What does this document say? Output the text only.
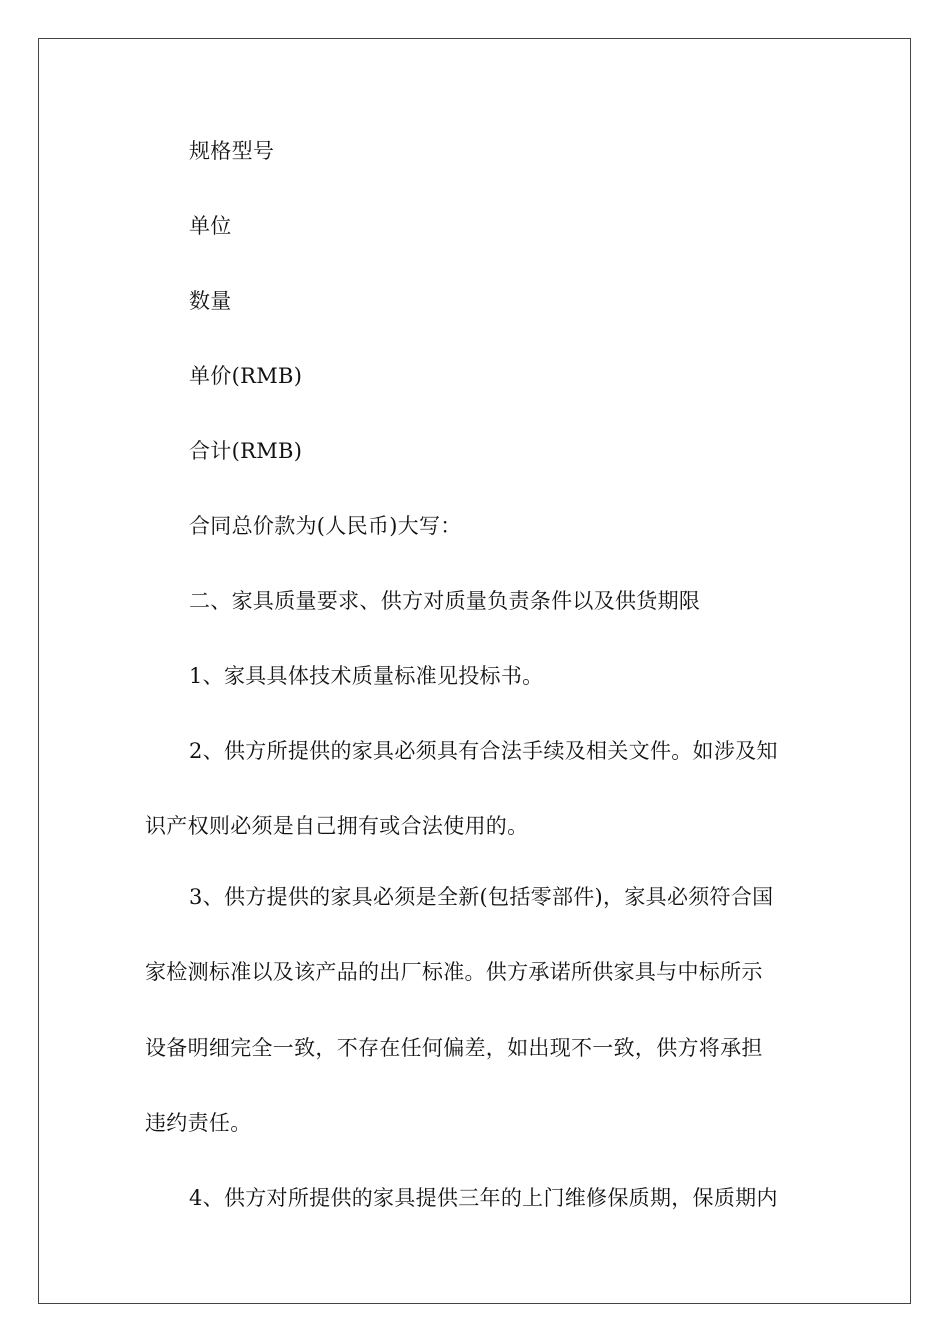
规格型号
单位
数量
单价(RMB)
合计(RMB)
合同总价款为(人民币)大写：
二、家具质量要求、供方对质量负责条件以及供货期限
1、家具具体技术质量标准见投标书。
2、供方所提供的家具必须具有合法手续及相关文件。如涉及知
识产权则必须是自己拥有或合法使用的。
3、供方提供的家具必须是全新(包括零部件)，家具必须符合国
家检测标准以及该产品的出厂标准。供方承诺所供家具与中标所示
设备明细完全一致，不存在任何偏差，如出现不一致，供方将承担
违约责任。
4、供方对所提供的家具提供三年的上门维修保质期，保质期内
